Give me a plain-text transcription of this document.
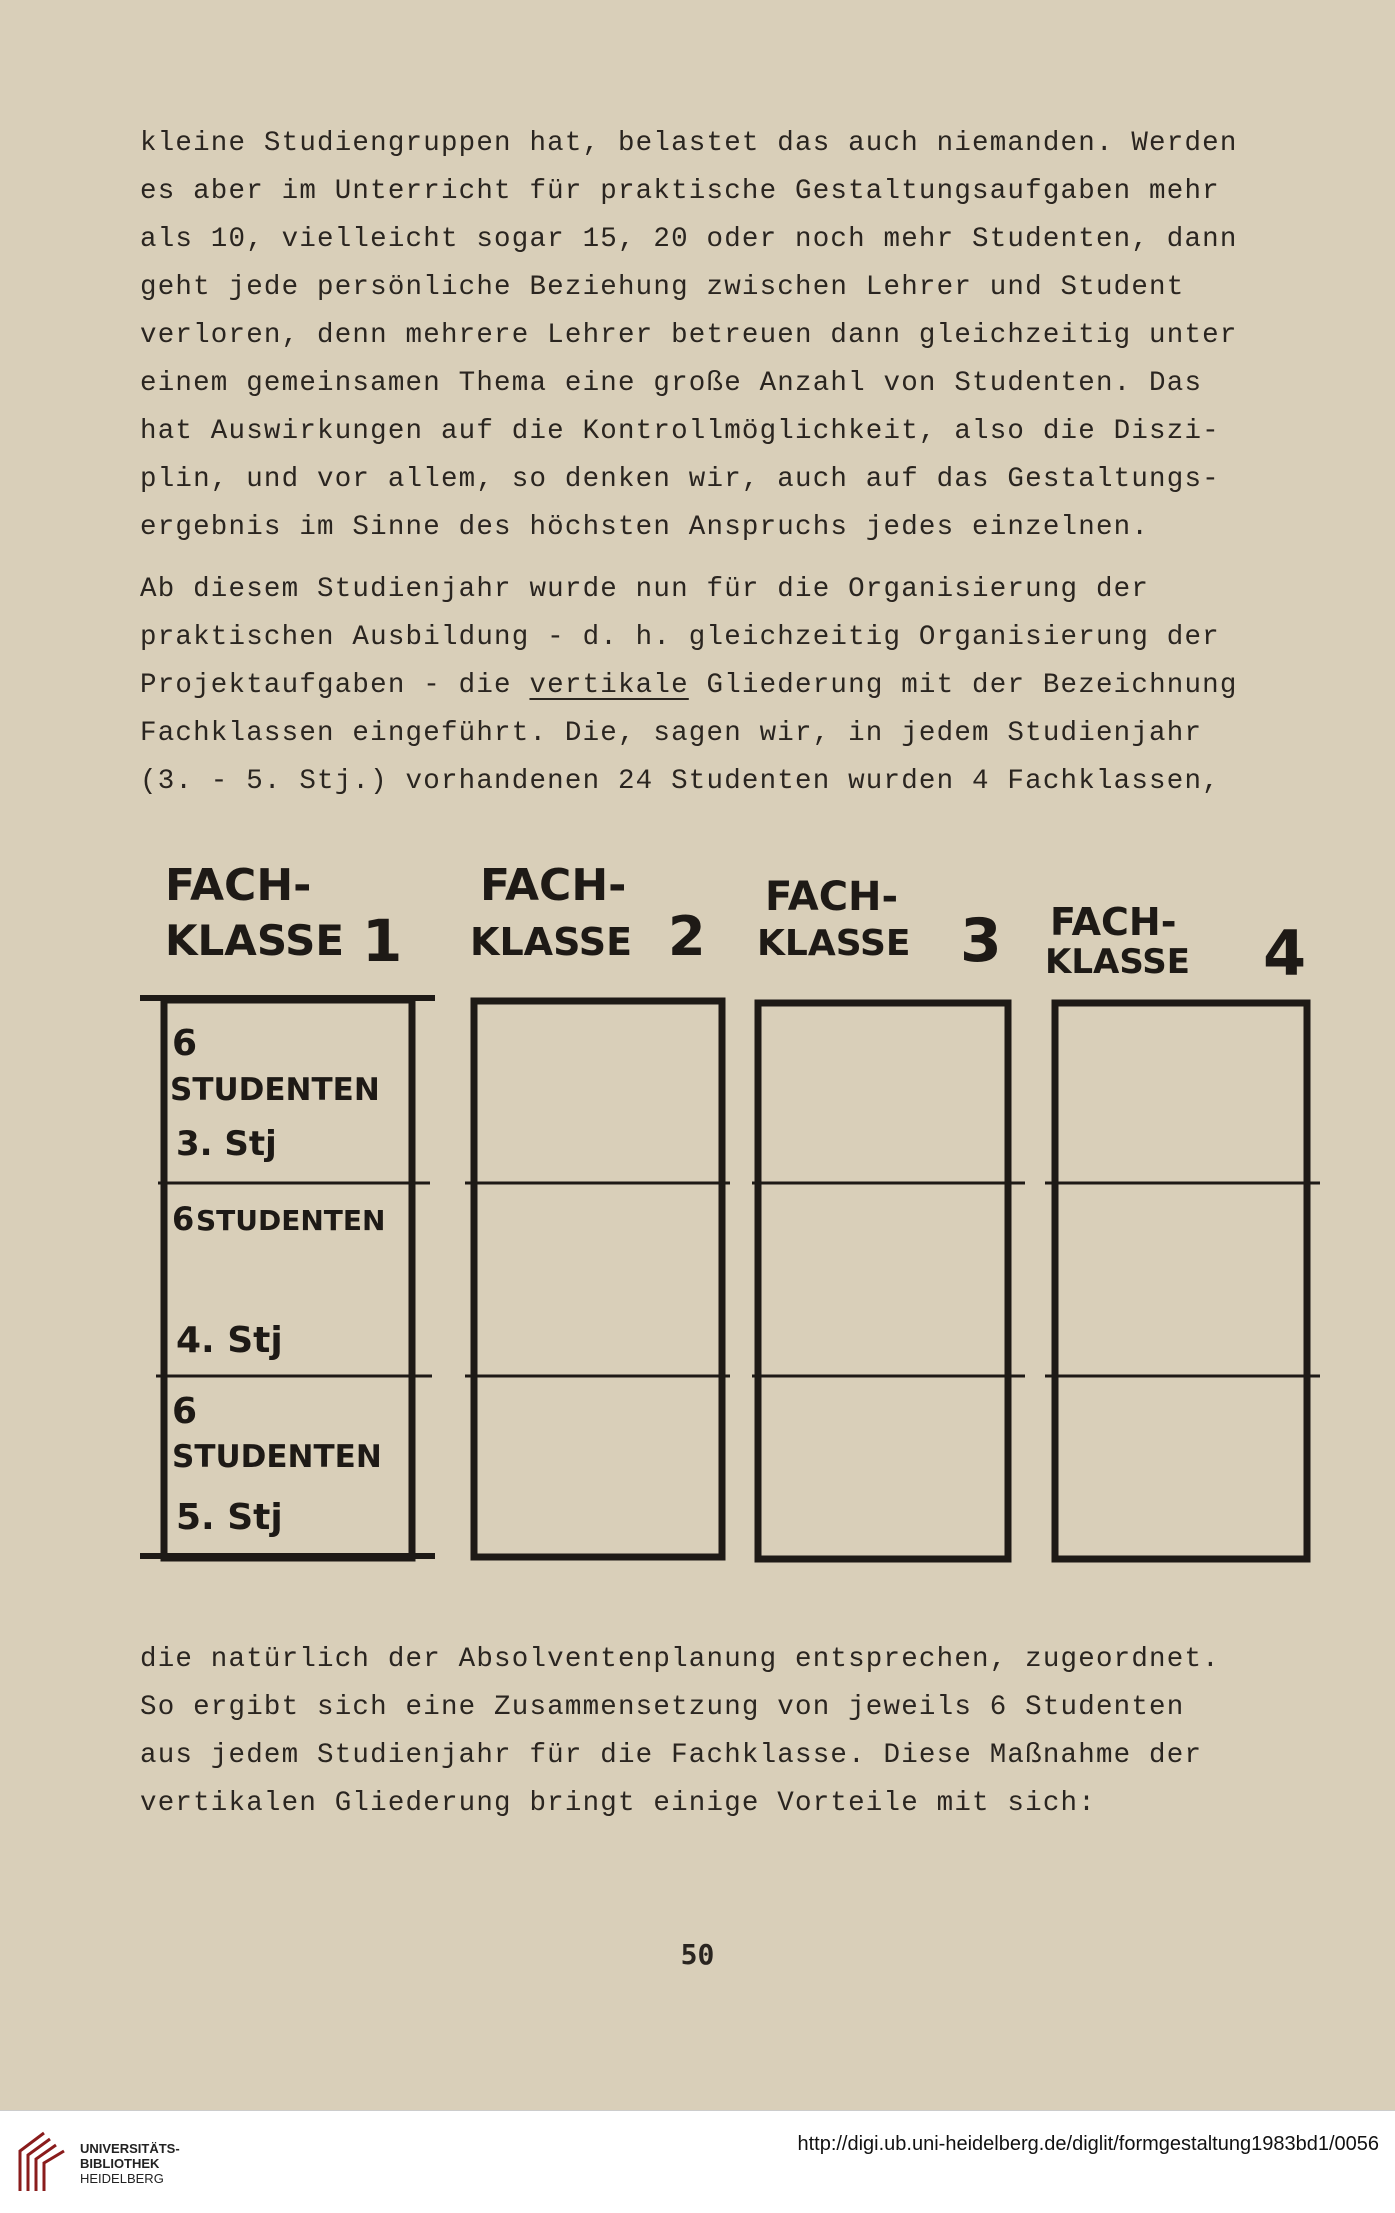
kleine Studiengruppen hat, belastet das auch niemanden. Werden
es aber im Unterricht für praktische Gestaltungsaufgaben mehr
als 10, vielleicht sogar 15, 20 oder noch mehr Studenten, dann
geht jede persönliche Beziehung zwischen Lehrer und Student
verloren, denn mehrere Lehrer betreuen dann gleichzeitig unter
einem gemeinsamen Thema eine große Anzahl von Studenten. Das
hat Auswirkungen auf die Kontrollmöglichkeit, also die Diszi-
plin, und vor allem, so denken wir, auch auf das Gestaltungs-
ergebnis im Sinne des höchsten Anspruchs jedes einzelnen.
Ab diesem Studienjahr wurde nun für die Organisierung der
praktischen Ausbildung - d. h. gleichzeitig Organisierung der
Projektaufgaben - die vertikale Gliederung mit der Bezeichnung
Fachklassen eingeführt. Die, sagen wir, in jedem Studienjahr
(3. - 5. Stj.) vorhandenen 24 Studenten wurden 4 Fachklassen,
FACH-
KLASSE 1
FACH-
KLASSE 2
FACH-
KLASSE 3 FACH-
KLASSE 4
6
STUDENTEN
3. Stj
6 STUDENTEN
4. Stj
6
STUDENTEN
5. Stj
die natürlich der Absolventenplanung entsprechen, zugeordnet.
So ergibt sich eine Zusammensetzung von jeweils 6 Studenten
aus jedem Studienjahr für die Fachklasse. Diese Maßnahme der
vertikalen Gliederung bringt einige Vorteile mit sich:
50
UNIVERSITÄTS-
BIBLIOTHEK
HEIDELBERG
http://digi.ub.uni-heidelberg.de/diglit/formgestaltung1983bd1/0056
